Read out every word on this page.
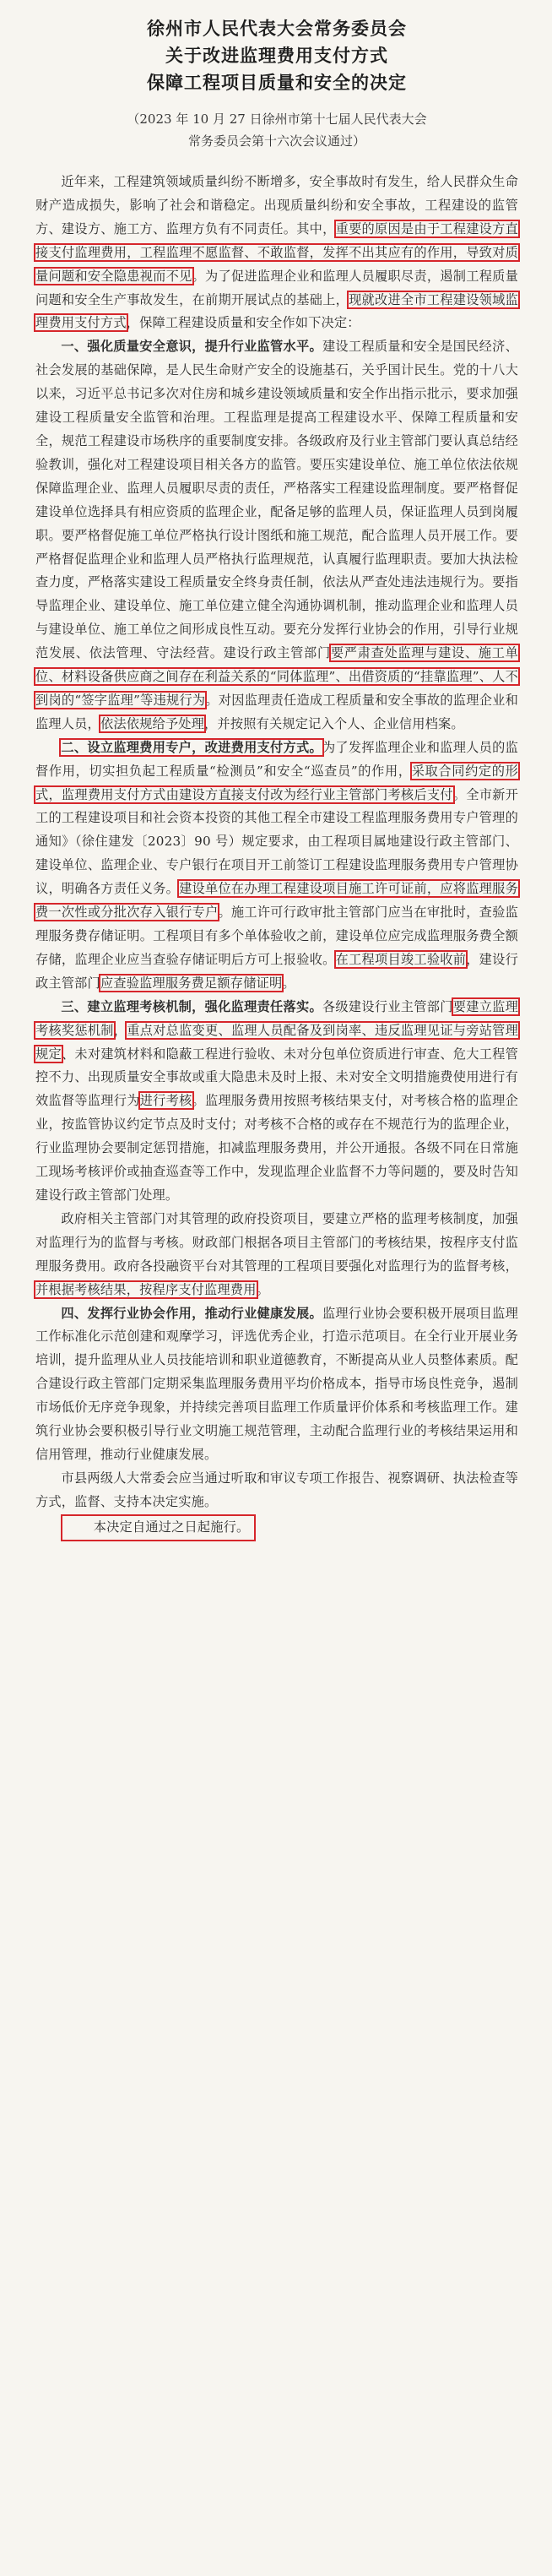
徐州市人民代表大会常务委员会
关于改进监理费用支付方式
保障工程项目质量和安全的决定
（2023 年 10 月 27 日徐州市第十七届人民代表大会
常务委员会第十六次会议通过）

近年来，工程建筑领域质量纠纷不断增多，安全事故时有发生，给人民群众生命财产造成损失，影响了社会和谐稳定。出现质量纠纷和安全事故，工程建设的监管方、建设方、施工方、监理方负有不同责任。其中，重要的原因是由于工程建设方直接支付监理费用，工程监理不愿监督、不敢监督，发挥不出其应有的作用，导致对质量问题和安全隐患视而不见。为了促进监理企业和监理人员履职尽责，遏制工程质量问题和安全生产事故发生，在前期开展试点的基础上，现就改进全市工程建设领域监理费用支付方式，保障工程建设质量和安全作如下决定：

一、强化质量安全意识，提升行业监管水平。建设工程质量和安全是国民经济、社会发展的基础保障，是人民生命财产安全的设施基石，关乎国计民生。党的十八大以来，习近平总书记多次对住房和城乡建设领域质量和安全作出指示批示，要求加强建设工程质量安全监管和治理。工程监理是提高工程建设水平、保障工程质量和安全，规范工程建设市场秩序的重要制度安排。各级政府及行业主管部门要认真总结经验教训，强化对工程建设项目相关各方的监管。要压实建设单位、施工单位依法依规保障监理企业、监理人员履职尽责的责任，严格落实工程建设监理制度。要严格督促建设单位选择具有相应资质的监理企业，配备足够的监理人员，保证监理人员到岗履职。要严格督促施工单位严格执行设计图纸和施工规范，配合监理人员开展工作。要严格督促监理企业和监理人员严格执行监理规范，认真履行监理职责。要加大执法检查力度，严格落实建设工程质量安全终身责任制，依法从严查处违法违规行为。要指导监理企业、建设单位、施工单位建立健全沟通协调机制，推动监理企业和监理人员与建设单位、施工单位之间形成良性互动。要充分发挥行业协会的作用，引导行业规范发展、依法管理、守法经营。建设行政主管部门要严肃查处监理与建设、施工单位、材料设备供应商之间存在利益关系的“同体监理”、出借资质的“挂靠监理”、人不到岗的“签字监理”等违规行为。对因监理责任造成工程质量和安全事故的监理企业和监理人员，依法依规给予处理，并按照有关规定记入个人、企业信用档案。

二、设立监理费用专户，改进费用支付方式。为了发挥监理企业和监理人员的监督作用，切实担负起工程质量“检测员”和安全“巡查员”的作用，采取合同约定的形式，监理费用支付方式由建设方直接支付改为经行业主管部门考核后支付。全市新开工的工程建设项目和社会资本投资的其他工程全市建设工程监理服务费用专户管理的通知》（徐住建发〔2023〕90 号）规定要求，由工程项目属地建设行政主管部门、建设单位、监理企业、专户银行在项目开工前签订工程建设监理服务费用专户管理协议，明确各方责任义务。建设单位在办理工程建设项目施工许可证前，应将监理服务费一次性或分批次存入银行专户。施工许可行政审批主管部门应当在审批时，查验监理服务费存储证明。工程项目有多个单体验收之前，建设单位应完成监理服务费全额存储，监理企业应当查验存储证明后方可上报验收。在工程项目竣工验收前，建设行政主管部门应查验监理服务费足额存储证明。

三、建立监理考核机制，强化监理责任落实。各级建设行业主管部门要建立监理考核奖惩机制，重点对总监变更、监理人员配备及到岗率、违反监理见证与旁站管理规定、未对建筑材料和隐蔽工程进行验收、未对分包单位资质进行审查、危大工程管控不力、出现质量安全事故或重大隐患未及时上报、未对安全文明措施费使用进行有效监督等监理行为进行考核。监理服务费用按照考核结果支付，对考核合格的监理企业，按监管协议约定节点及时支付；对考核不合格的或存在不规范行为的监理企业，行业监理协会要制定惩罚措施，扣减监理服务费用，并公开通报。各级不同在日常施工现场考核评价或抽查巡查等工作中，发现监理企业监督不力等问题的，要及时告知建设行政主管部门处理。

政府相关主管部门对其管理的政府投资项目，要建立严格的监理考核制度，加强对监理行为的监督与考核。财政部门根据各项目主管部门的考核结果，按程序支付监理服务费用。政府各投融资平台对其管理的工程项目要强化对监理行为的监督考核，并根据考核结果，按程序支付监理费用。

四、发挥行业协会作用，推动行业健康发展。监理行业协会要积极开展项目监理工作标准化示范创建和观摩学习，评选优秀企业，打造示范项目。在全行业开展业务培训，提升监理从业人员技能培训和职业道德教育，不断提高从业人员整体素质。配合建设行政主管部门定期采集监理服务费用平均价格成本，指导市场良性竞争，遏制市场低价无序竞争现象，并持续完善项目监理工作质量评价体系和考核监理工作。建筑行业协会要积极引导行业文明施工规范管理，主动配合监理行业的考核结果运用和信用管理，推动行业健康发展。

市县两级人大常委会应当通过听取和审议专项工作报告、视察调研、执法检查等方式，监督、支持本决定实施。

本决定自通过之日起施行。
